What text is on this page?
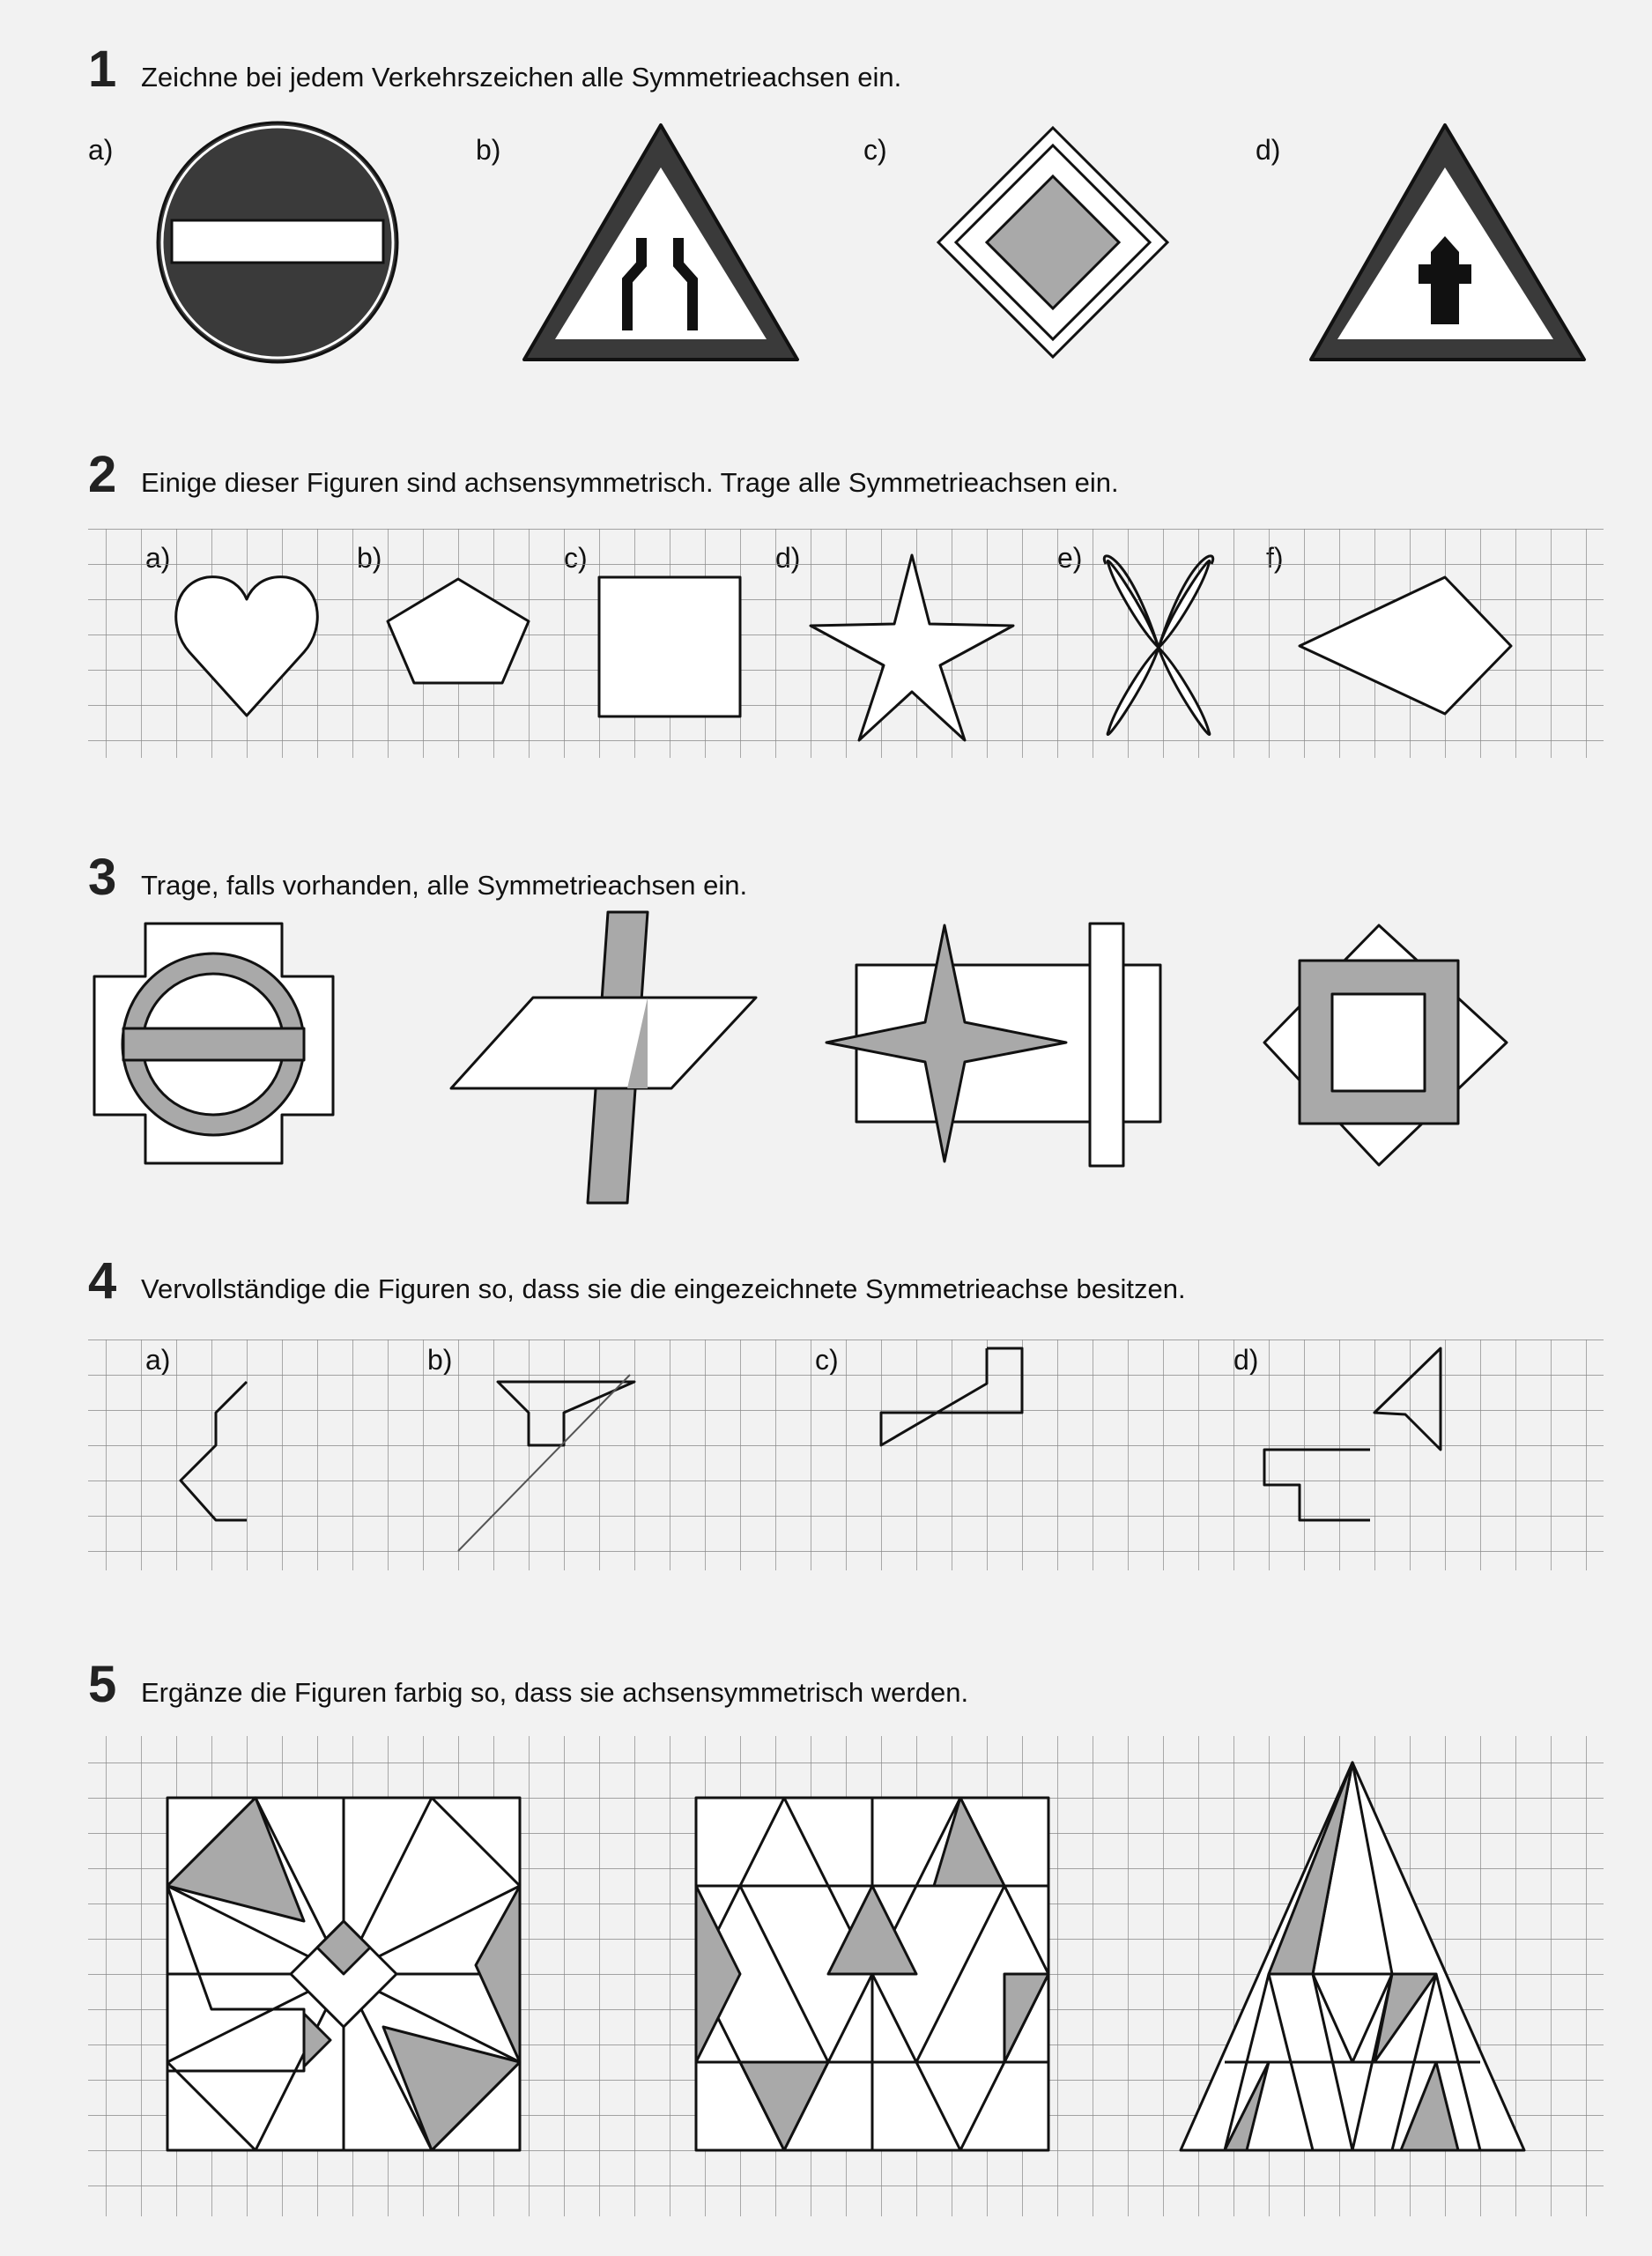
1 Zeichne bei jedem Verkehrszeichen alle Symmetrieachsen ein.
2 Einige dieser Figuren sind achsensymmetrisch. Trage alle Symmetrieachsen ein.
3 Trage, falls vorhanden, alle Symmetrieachsen ein.
4 Vervollständige die Figuren so, dass sie die eingezeichnete Symmetrieachse besitzen.
5 Ergänze die Figuren farbig so, dass sie achsensymmetrisch werden.
a)	b)	c)	d)
